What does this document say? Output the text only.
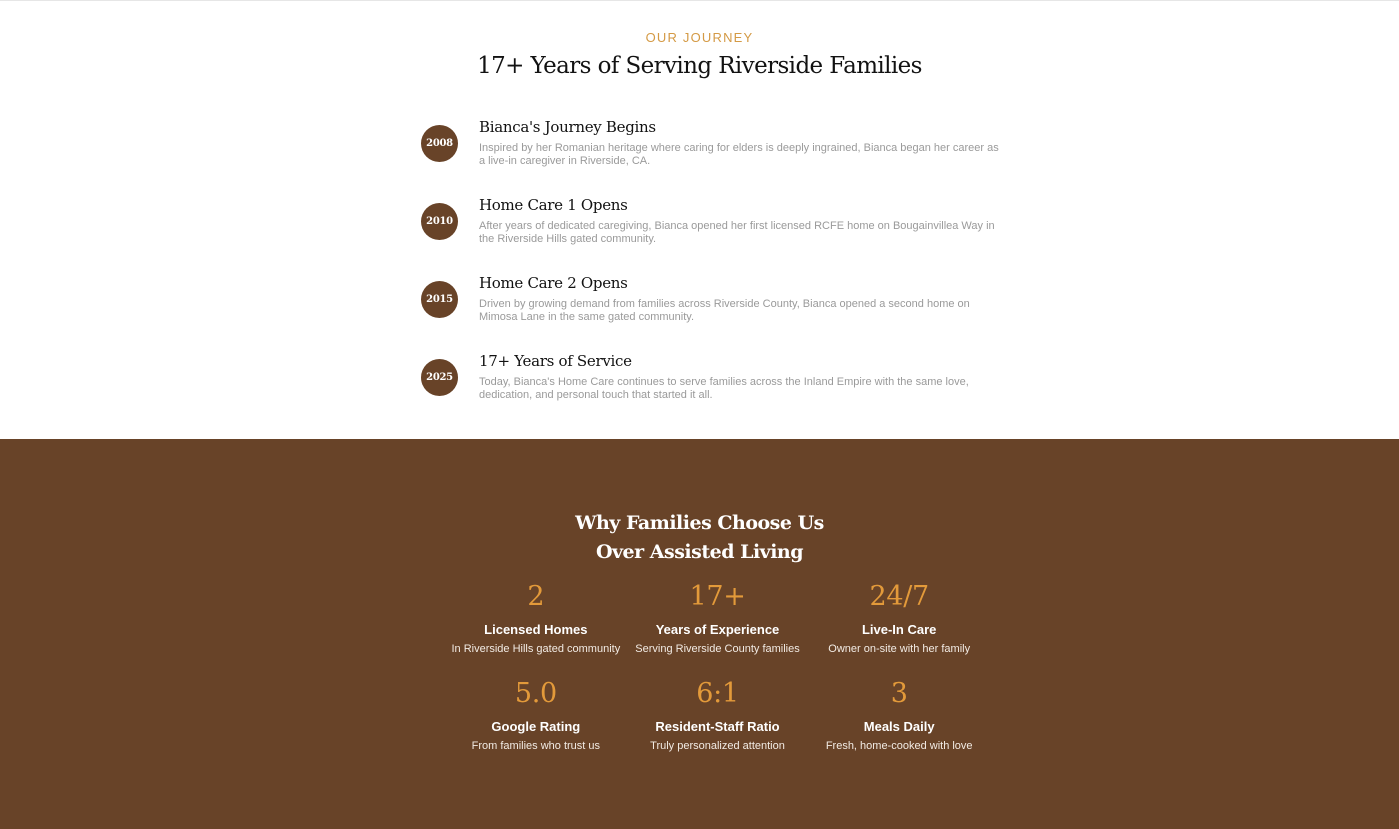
OUR JOURNEY
17+ Years of Serving Riverside Families
2008
Bianca's Journey Begins
Inspired by her Romanian heritage where caring for elders is deeply ingrained, Bianca began her career as a live-in caregiver in Riverside, CA.
2010
Home Care 1 Opens
After years of dedicated caregiving, Bianca opened her first licensed RCFE home on Bougainvillea Way in the Riverside Hills gated community.
2015
Home Care 2 Opens
Driven by growing demand from families across Riverside County, Bianca opened a second home on Mimosa Lane in the same gated community.
2025
17+ Years of Service
Today, Bianca's Home Care continues to serve families across the Inland Empire with the same love, dedication, and personal touch that started it all.
Why Families Choose Us
Over Assisted Living
2
Licensed Homes
In Riverside Hills gated community
17+
Years of Experience
Serving Riverside County families
24/7
Live-In Care
Owner on-site with her family
5.0
Google Rating
From families who trust us
6:1
Resident-Staff Ratio
Truly personalized attention
3
Meals Daily
Fresh, home-cooked with love
